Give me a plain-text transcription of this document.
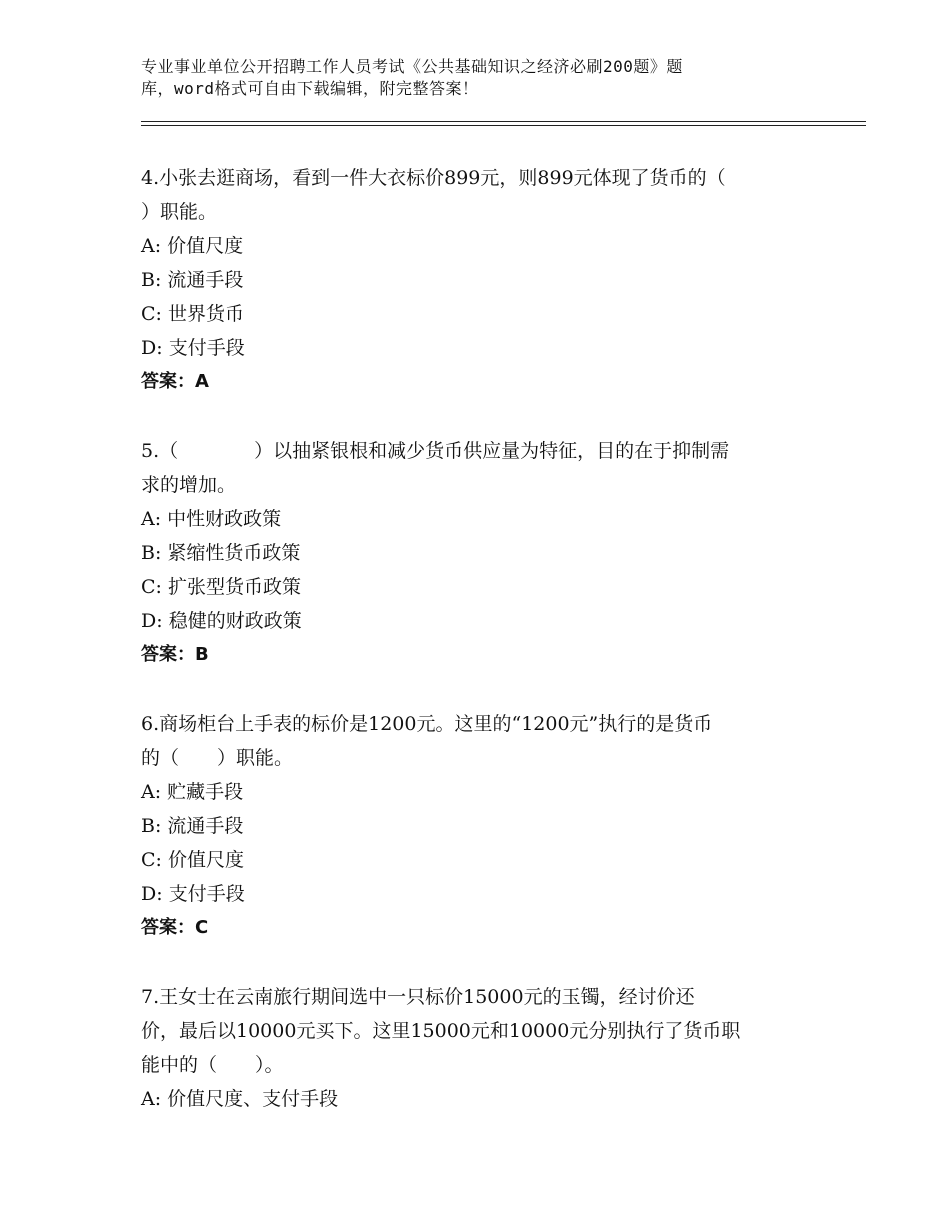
专业事业单位公开招聘工作人员考试《公共基础知识之经济必刷200题》题
库，word格式可自由下载编辑，附完整答案！
4.小张去逛商场，看到一件大衣标价899元，则899元体现了货币的（
）职能。
A: 价值尺度
B: 流通手段
C: 世界货币
D: 支付手段
答案：A
5.（　　　　）以抽紧银根和减少货币供应量为特征，目的在于抑制需
求的增加。
A: 中性财政政策
B: 紧缩性货币政策
C: 扩张型货币政策
D: 稳健的财政政策
答案：B
6.商场柜台上手表的标价是1200元。这里的“1200元”执行的是货币
的（　　）职能。
A: 贮藏手段
B: 流通手段
C: 价值尺度
D: 支付手段
答案：C
7.王女士在云南旅行期间选中一只标价15000元的玉镯，经讨价还
价，最后以10000元买下。这里15000元和10000元分别执行了货币职
能中的（　　）。
A: 价值尺度、支付手段
